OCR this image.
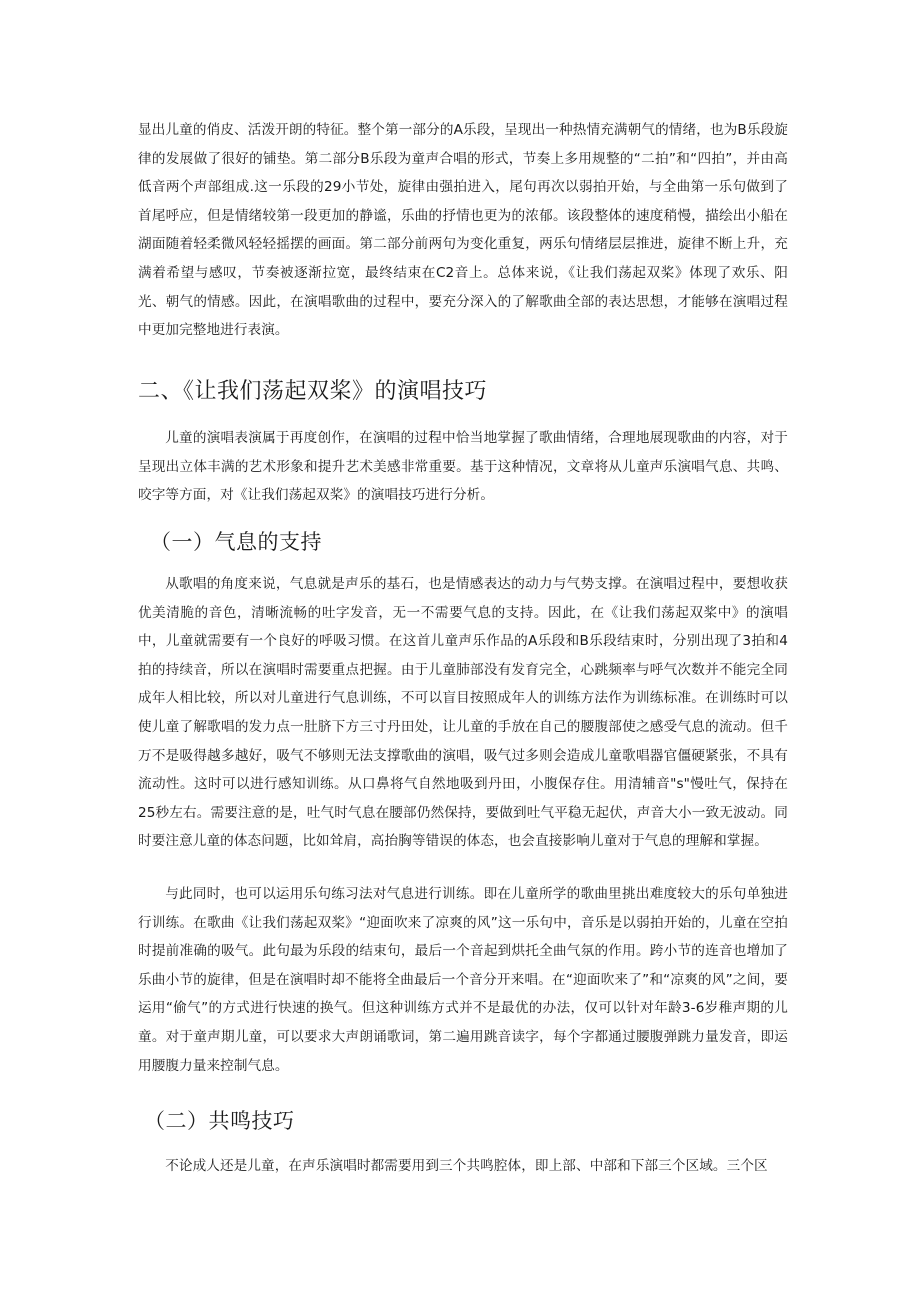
显出儿童的俏皮、活泼开朗的特征。整个第一部分的A乐段，呈现出一种热情充满朝气的情绪，也为B乐段旋律的发展做了很好的铺垫。第二部分B乐段为童声合唱的形式，节奏上多用规整的“二拍”和“四拍”，并由高低音两个声部组成.这一乐段的29小节处，旋律由强拍进入，尾句再次以弱拍开始，与全曲第一乐句做到了首尾呼应，但是情绪较第一段更加的静谧，乐曲的抒情也更为的浓郁。该段整体的速度稍慢，描绘出小船在湖面随着轻柔微风轻轻摇摆的画面。第二部分前两句为变化重复，两乐句情绪层层推进，旋律不断上升，充满着希望与感叹，节奏被逐渐拉宽，最终结束在C2音上。总体来说，《让我们荡起双桨》体现了欢乐、阳光、朝气的情感。因此，在演唱歌曲的过程中，要充分深入的了解歌曲全部的表达思想，才能够在演唱过程中更加完整地进行表演。

二、《让我们荡起双桨》的演唱技巧

儿童的演唱表演属于再度创作，在演唱的过程中恰当地掌握了歌曲情绪，合理地展现歌曲的内容，对于呈现出立体丰满的艺术形象和提升艺术美感非常重要。基于这种情况，文章将从儿童声乐演唱气息、共鸣、咬字等方面，对《让我们荡起双桨》的演唱技巧进行分析。

（一）气息的支持

从歌唱的角度来说，气息就是声乐的基石，也是情感表达的动力与气势支撑。在演唱过程中，要想收获优美清脆的音色，清晰流畅的吐字发音，无一不需要气息的支持。因此，在《让我们荡起双桨中》的演唱中，儿童就需要有一个良好的呼吸习惯。在这首儿童声乐作品的A乐段和B乐段结束时，分别出现了3拍和4拍的持续音，所以在演唱时需要重点把握。由于儿童肺部没有发育完全，心跳频率与呼气次数并不能完全同成年人相比较，所以对儿童进行气息训练，不可以盲目按照成年人的训练方法作为训练标准。在训练时可以使儿童了解歌唱的发力点一肚脐下方三寸丹田处，让儿童的手放在自己的腰腹部使之感受气息的流动。但千万不是吸得越多越好，吸气不够则无法支撑歌曲的演唱，吸气过多则会造成儿童歌唱器官僵硬紧张，不具有流动性。这时可以进行感知训练。从口鼻将气自然地吸到丹田，小腹保存住。用清辅音"s"慢吐气，保持在25秒左右。需要注意的是，吐气时气息在腰部仍然保持，要做到吐气平稳无起伏，声音大小一致无波动。同时要注意儿童的体态问题，比如耸肩，高抬胸等错误的体态，也会直接影响儿童对于气息的理解和掌握。

与此同时，也可以运用乐句练习法对气息进行训练。即在儿童所学的歌曲里挑出难度较大的乐句单独进行训练。在歌曲《让我们荡起双桨》“迎面吹来了凉爽的风”这一乐句中，音乐是以弱拍开始的，儿童在空拍时提前准确的吸气。此句最为乐段的结束句，最后一个音起到烘托全曲气氛的作用。跨小节的连音也增加了乐曲小节的旋律，但是在演唱时却不能将全曲最后一个音分开来唱。在“迎面吹来了”和“凉爽的风”之间，要运用“偷气”的方式进行快速的换气。但这种训练方式并不是最优的办法，仅可以针对年龄3-6岁稚声期的儿童。对于童声期儿童，可以要求大声朗诵歌词，第二遍用跳音读字，每个字都通过腰腹弹跳力量发音，即运用腰腹力量来控制气息。

（二）共鸣技巧

不论成人还是儿童，在声乐演唱时都需要用到三个共鸣腔体，即上部、中部和下部三个区域。三个区
